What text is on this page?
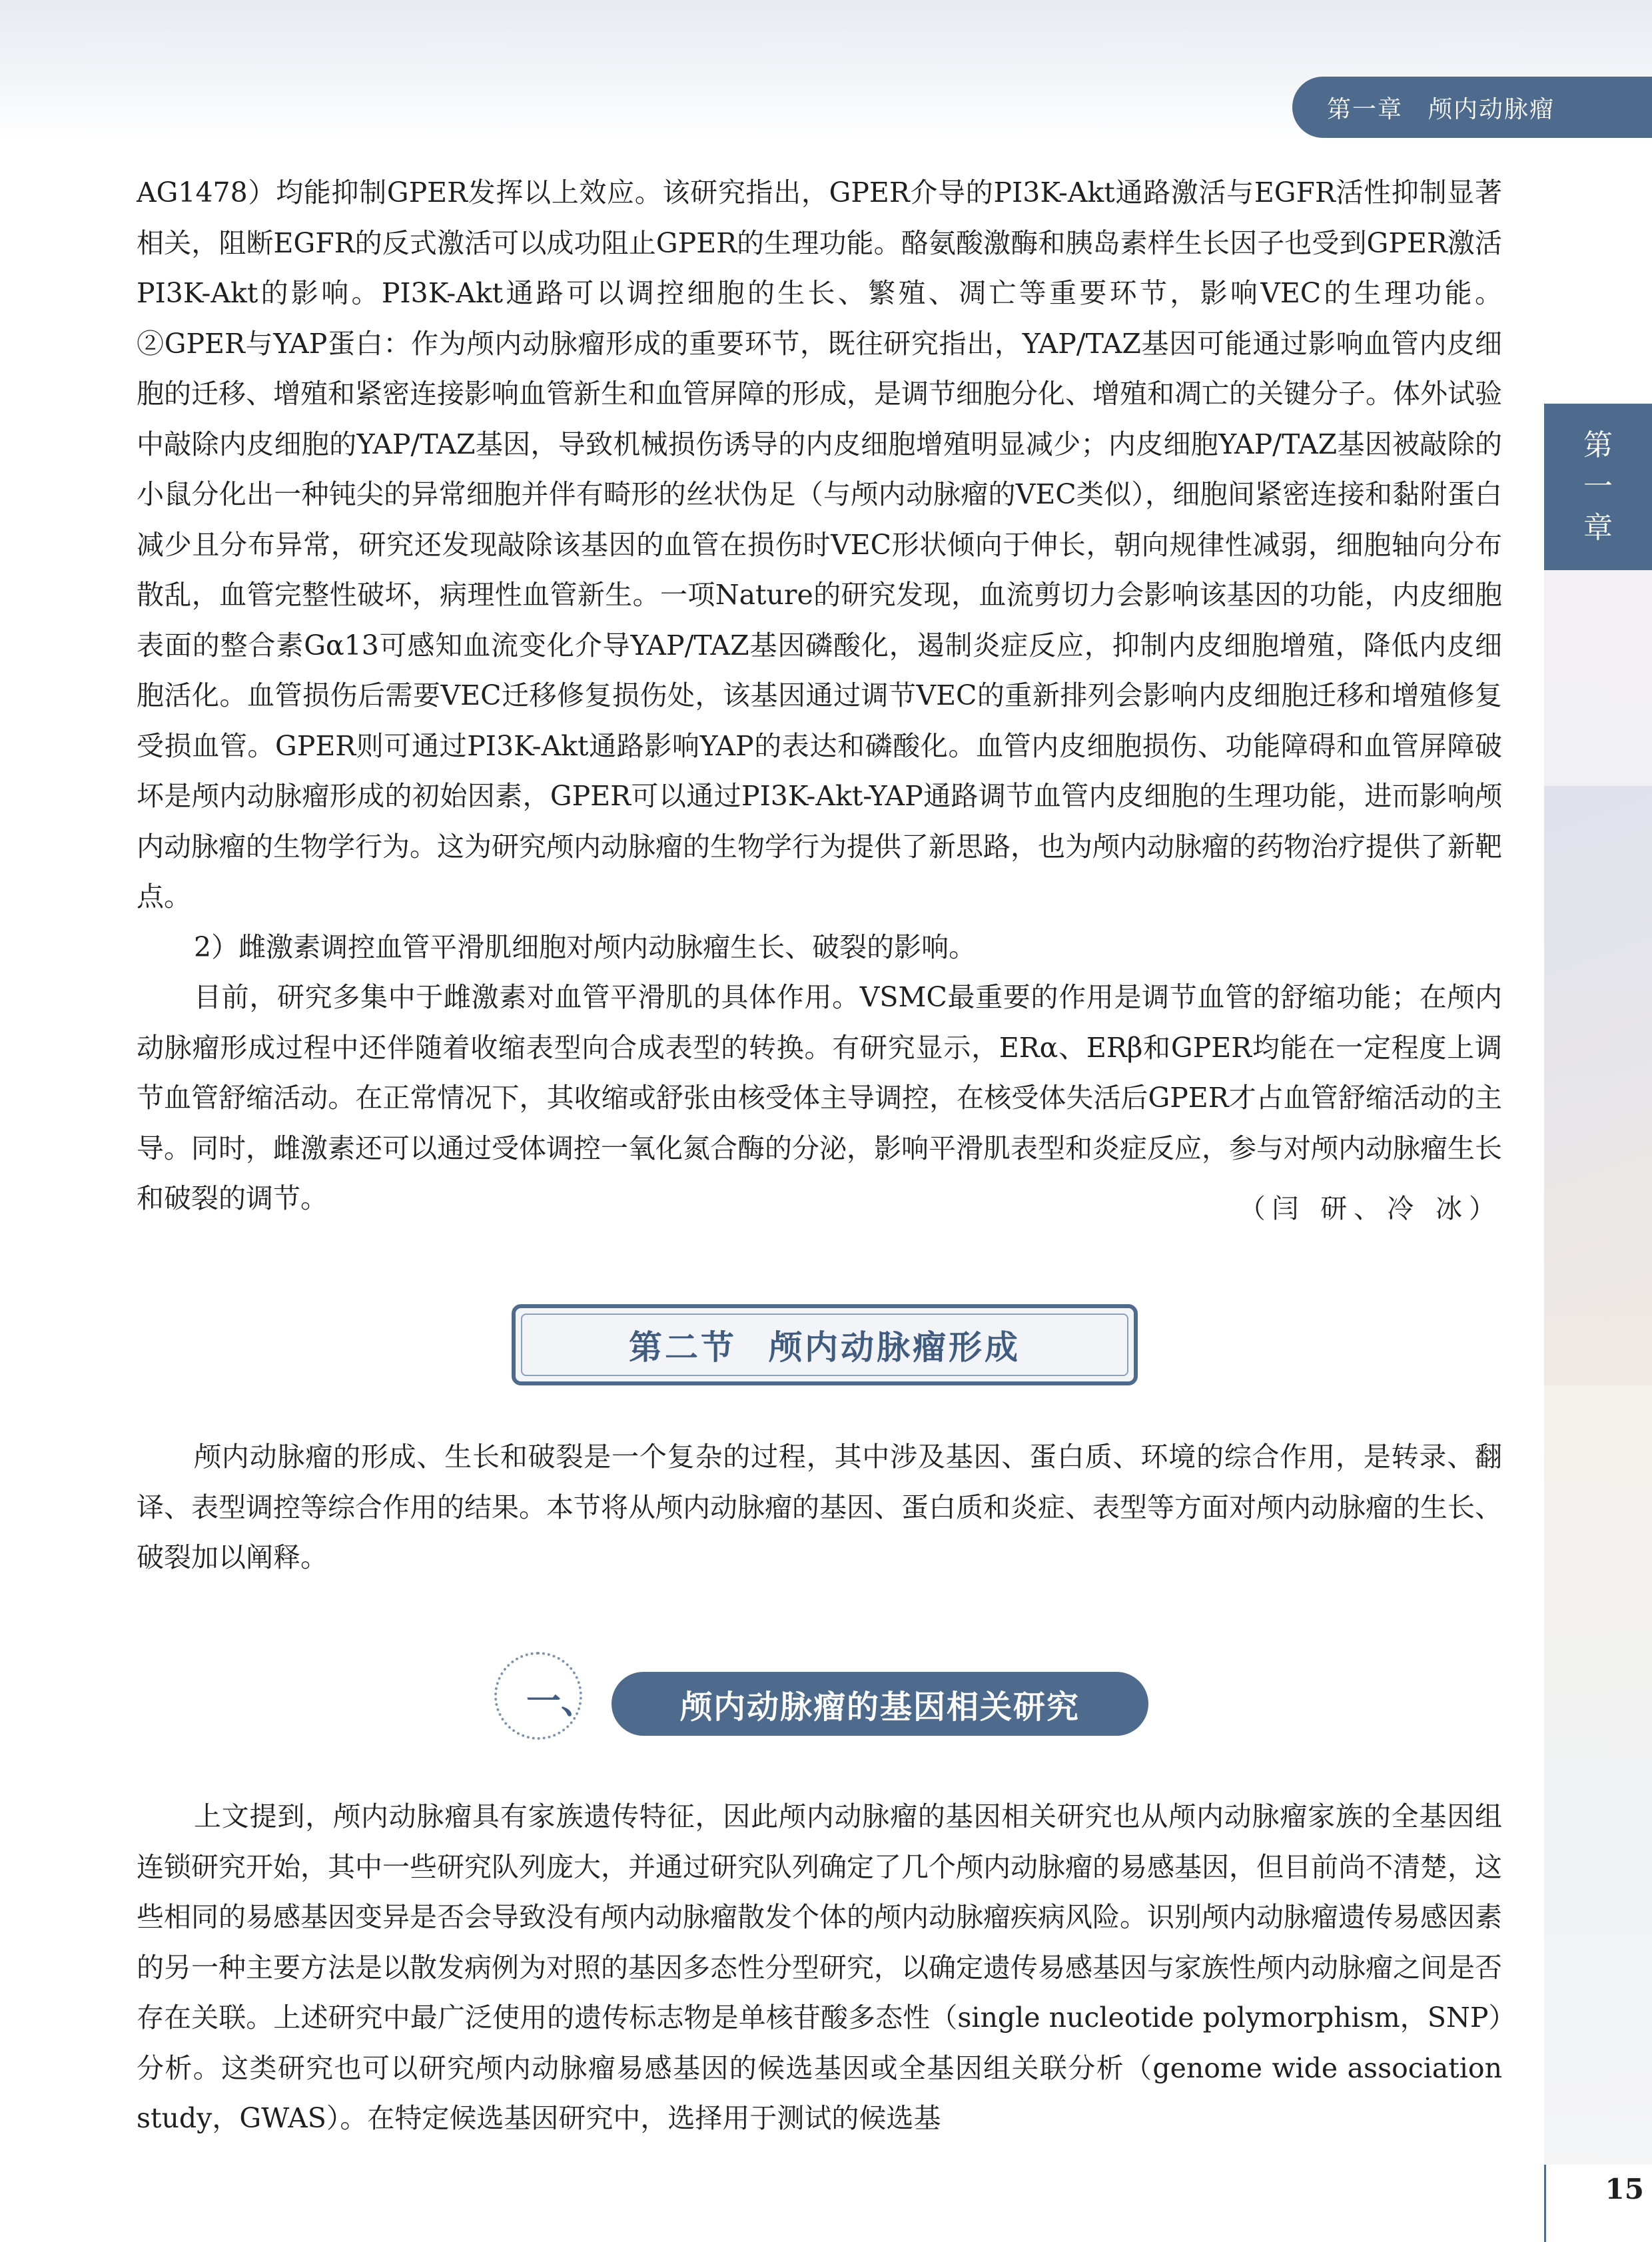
第一章 颅内动脉瘤
第
一
章

AG1478）均能抑制GPER发挥以上效应。该研究指出，GPER介导的PI3K-Akt通路激活与EGFR活性抑制显著相关，阻断EGFR的反式激活可以成功阻止GPER的生理功能。酪氨酸激酶和胰岛素样生长因子也受到GPER激活PI3K-Akt的影响。PI3K-Akt通路可以调控细胞的生长、繁殖、凋亡等重要环节，影响VEC的生理功能。②GPER与YAP蛋白：作为颅内动脉瘤形成的重要环节，既往研究指出，YAP/TAZ基因可能通过影响血管内皮细胞的迁移、增殖和紧密连接影响血管新生和血管屏障的形成，是调节细胞分化、增殖和凋亡的关键分子。体外试验中敲除内皮细胞的YAP/TAZ基因，导致机械损伤诱导的内皮细胞增殖明显减少；内皮细胞YAP/TAZ基因被敲除的小鼠分化出一种钝尖的异常细胞并伴有畸形的丝状伪足（与颅内动脉瘤的VEC类似），细胞间紧密连接和黏附蛋白减少且分布异常，研究还发现敲除该基因的血管在损伤时VEC形状倾向于伸长，朝向规律性减弱，细胞轴向分布散乱，血管完整性破坏，病理性血管新生。一项Nature的研究发现，血流剪切力会影响该基因的功能，内皮细胞表面的整合素Gα13可感知血流变化介导YAP/TAZ基因磷酸化，遏制炎症反应，抑制内皮细胞增殖，降低内皮细胞活化。血管损伤后需要VEC迁移修复损伤处，该基因通过调节VEC的重新排列会影响内皮细胞迁移和增殖修复受损血管。GPER则可通过PI3K-Akt通路影响YAP的表达和磷酸化。血管内皮细胞损伤、功能障碍和血管屏障破坏是颅内动脉瘤形成的初始因素，GPER可以通过PI3K-Akt-YAP通路调节血管内皮细胞的生理功能，进而影响颅内动脉瘤的生物学行为。这为研究颅内动脉瘤的生物学行为提供了新思路，也为颅内动脉瘤的药物治疗提供了新靶点。

2）雌激素调控血管平滑肌细胞对颅内动脉瘤生长、破裂的影响。

目前，研究多集中于雌激素对血管平滑肌的具体作用。VSMC最重要的作用是调节血管的舒缩功能；在颅内动脉瘤形成过程中还伴随着收缩表型向合成表型的转换。有研究显示，ERα、ERβ和GPER均能在一定程度上调节血管舒缩活动。在正常情况下，其收缩或舒张由核受体主导调控，在核受体失活后GPER才占血管舒缩活动的主导。同时，雌激素还可以通过受体调控一氧化氮合酶的分泌，影响平滑肌表型和炎症反应，参与对颅内动脉瘤生长和破裂的调节。	（闫 研、冷 冰）
第二节 颅内动脉瘤形成

颅内动脉瘤的形成、生长和破裂是一个复杂的过程，其中涉及基因、蛋白质、环境的综合作用，是转录、翻译、表型调控等综合作用的结果。本节将从颅内动脉瘤的基因、蛋白质和炎症、表型等方面对颅内动脉瘤的生长、破裂加以阐释。

一、	颅内动脉瘤的基因相关研究

上文提到，颅内动脉瘤具有家族遗传特征，因此颅内动脉瘤的基因相关研究也从颅内动脉瘤家族的全基因组连锁研究开始，其中一些研究队列庞大，并通过研究队列确定了几个颅内动脉瘤的易感基因，但目前尚不清楚，这些相同的易感基因变异是否会导致没有颅内动脉瘤散发个体的颅内动脉瘤疾病风险。识别颅内动脉瘤遗传易感因素的另一种主要方法是以散发病例为对照的基因多态性分型研究，以确定遗传易感基因与家族性颅内动脉瘤之间是否存在关联。上述研究中最广泛使用的遗传标志物是单核苷酸多态性（single nucleotide polymorphism，SNP）分析。这类研究也可以研究颅内动脉瘤易感基因的候选基因或全基因组关联分析（genome wide association study，GWAS）。在特定候选基因研究中，选择用于测试的候选基

15
